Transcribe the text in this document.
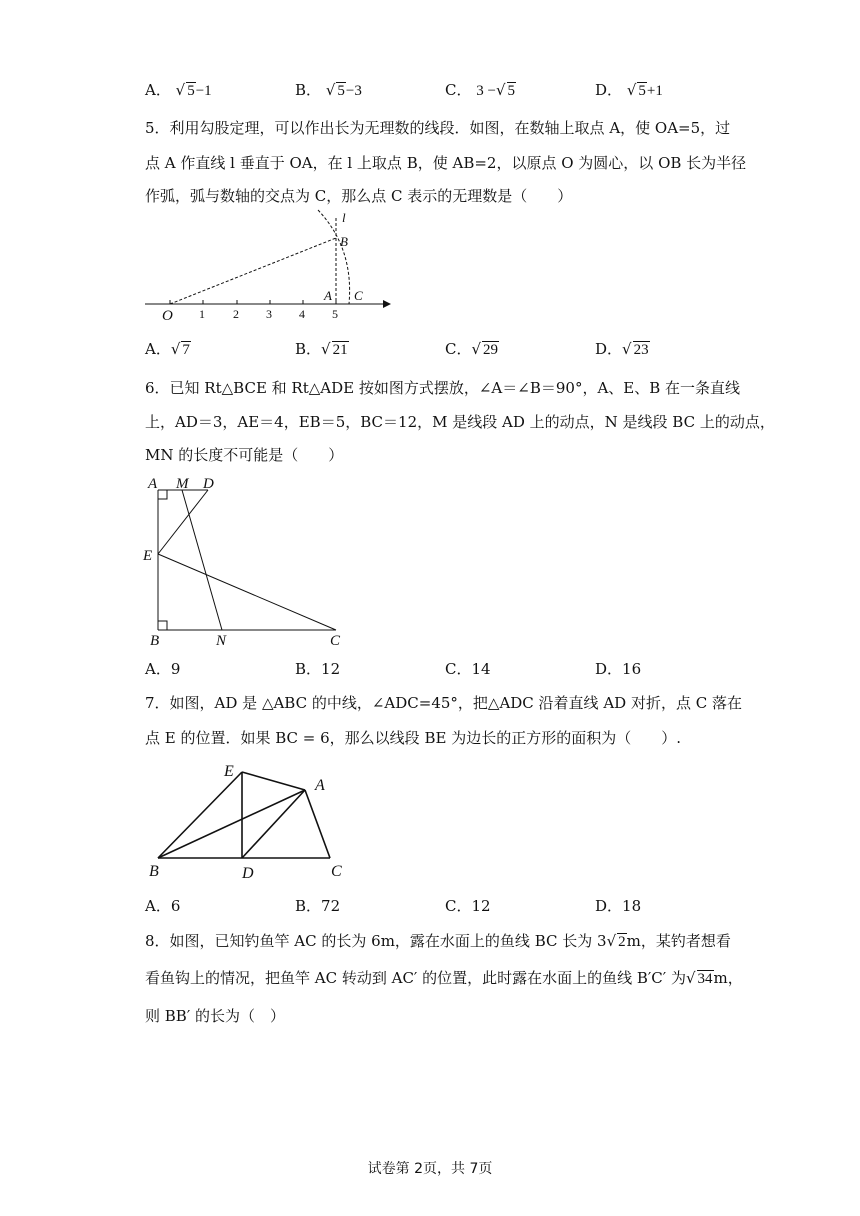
A． √ 5−1	B． √ 5−3	C． 3 −√ 5	D． √ 5+1
5．利用勾股定理，可以作出长为无理数的线段．如图，在数轴上取点 A，使 OA=5，过
点 A 作直线 l 垂直于 OA，在 l 上取点 B，使 AB=2，以原点 O 为圆心，以 OB 长为半径
作弧，弧与数轴的交点为 C，那么点 C 表示的无理数是（　　）
O 1 2 3 4 5
A
B
C
l
A．√ 7	B．√ 21	C．√ 29	D．√ 23
6．已知 Rt△BCE 和 Rt△ADE 按如图方式摆放，∠A＝∠B＝90°，A、E、B 在一条直线
上，AD＝3，AE＝4，EB＝5，BC＝12，M 是线段 AD 上的动点，N 是线段 BC 上的动点，
MN 的长度不可能是（　　）
A M D
E
B	N	C
A．9	B．12	C．14	D．16
7．如图，AD 是 △ABC 的中线，∠ADC=45°，把△ADC 沿着直线 AD 对折，点 C 落在
点 E 的位置．如果 BC = 6，那么以线段 BE 为边长的正方形的面积为（　　）.
E
A
B	D	C
A．6	B．72	C．12	D．18
8．如图，已知钓鱼竿 AC 的长为 6m，露在水面上的鱼线 BC 长为 3√ 2m，某钓者想看
看鱼钩上的情况，把鱼竿 AC 转动到 AC′ 的位置，此时露在水面上的鱼线 B′C′ 为√ 34m，
则 BB′ 的长为（　）
试卷第 2页，共 7页
